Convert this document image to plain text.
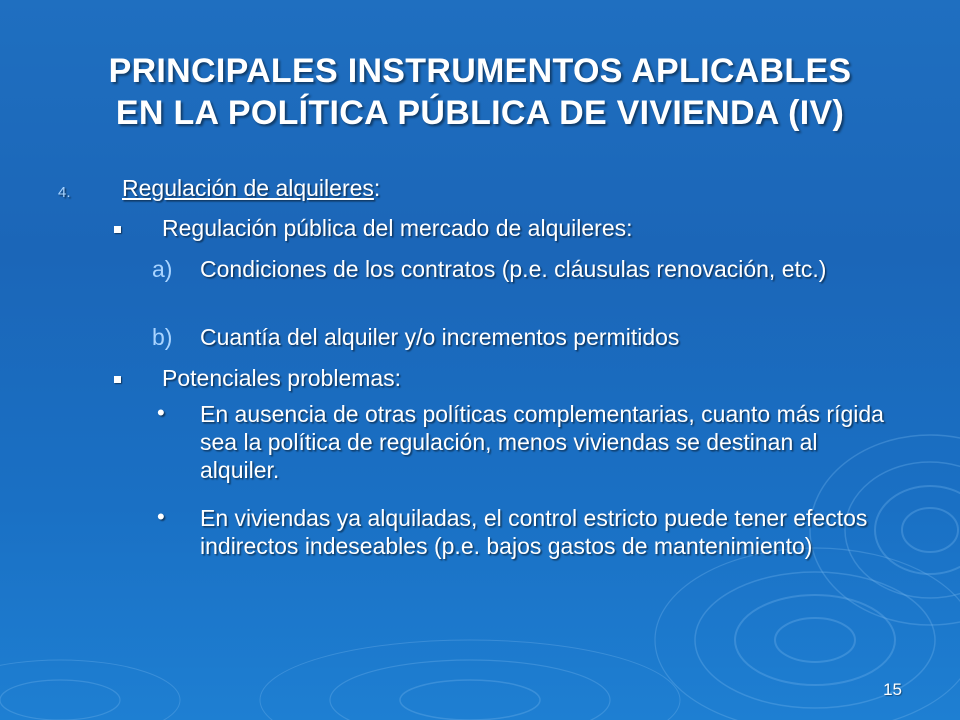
PRINCIPALES INSTRUMENTOS APLICABLES
EN LA POLÍTICA PÚBLICA DE VIVIENDA (IV)
4. Regulación de alquileres:
Regulación pública del mercado de alquileres:
a) Condiciones de los contratos (p.e. cláusulas renovación, etc.)
b) Cuantía del alquiler y/o incrementos permitidos
Potenciales problemas:
• En ausencia de otras políticas complementarias, cuanto más rígida sea la política de regulación, menos viviendas se destinan al alquiler.
• En viviendas ya alquiladas, el control estricto puede tener efectos indirectos indeseables (p.e. bajos gastos de mantenimiento)
15
